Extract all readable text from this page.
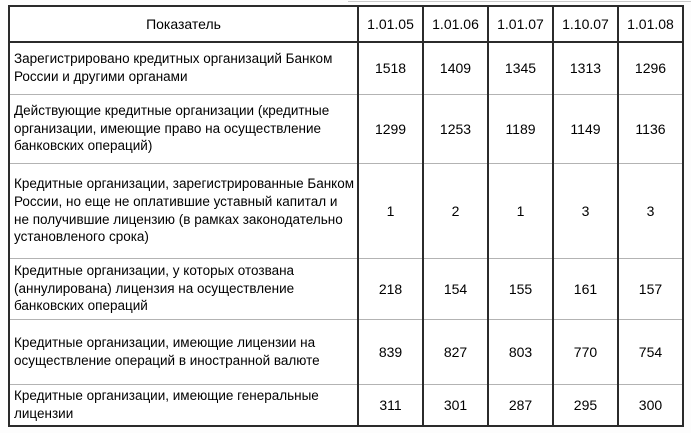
Показатель	1.01.05	1.01.06	1.01.07	1.10.07	1.01.08
Зарегистрировано кредитных организаций Банком России и другими органами	1518	1409	1345	1313	1296
Действующие кредитные организации (кредитные организации, имеющие право на осуществление банковских операций)	1299	1253	1189	1149	1136
Кредитные организации, зарегистрированные Банком России, но еще не оплатившие уставный капитал и не получившие лицензию (в рамках законодательно установленого срока)	1	2	1	3	3
Кредитные организации, у которых отозвана (аннулирована) лицензия на осуществление банковских операций	218	154	155	161	157
Кредитные организации, имеющие лицензии на осуществление операций в иностранной валюте	839	827	803	770	754
Кредитные организации, имеющие генеральные лицензии	311	301	287	295	300
